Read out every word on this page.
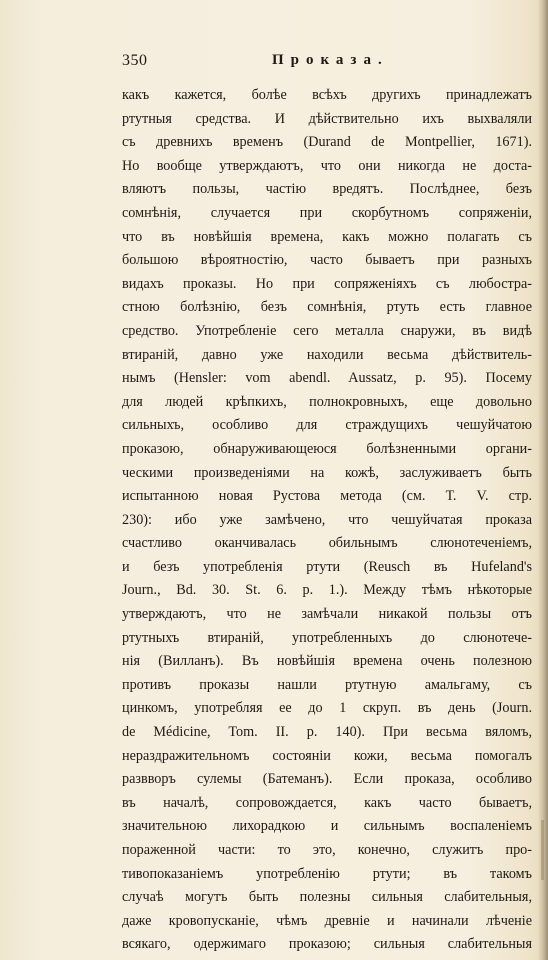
350	Проказа.
какъ кажется, болѣе всѣхъ другихъ принадлежатъ
ртутныя средства. И дѣйствительно ихъ выхваляли
съ древнихъ временъ (Durand de Montpellier, 1671).
Но вообще утверждаютъ, что они никогда не доста-
вляютъ пользы, частію вредятъ. Послѣднее, безъ
сомнѣнія, случается при скорбутномъ сопряженіи,
что въ новѣйшія времена, какъ можно полагать съ
большою вѣроятностію, часто бываетъ при разныхъ
видахъ проказы. Но при сопряженіяхъ съ любостра-
стною болѣзнію, безъ сомнѣнія, ртуть есть главное
средство. Употребленіе сего металла снаружи, въ видѣ
втираній, давно уже находили весьма дѣйствитель-
нымъ (Hensler: vom abendl. Aussatz, p. 95). Посему
для людей крѣпкихъ, полнокровныхъ, еще довольно
сильныхъ, особливо для страждущихъ чешуйчатою
проказою, обнаруживающеюся болѣзненными органи-
ческими произведеніями на кожѣ, заслуживаетъ быть
испытанною новая Рустова метода (см. Т. V. стр.
230): ибо уже замѣчено, что чешуйчатая проказа
счастливо оканчивалась обильнымъ слюнотеченіемъ,
и безъ употребленія ртути (Reusch въ Hufeland's
Journ., Bd. 30. St. 6. p. 1.). Между тѣмъ нѣкоторые
утверждаютъ, что не замѣчали никакой пользы отъ
ртутныхъ втираній, употребленныхъ до слюнотече-
нія (Вилланъ). Въ новѣйшія времена очень полезною
противъ проказы нашли ртутную амальгаму, съ
цинкомъ, употребляя ее до 1 скруп. въ день (Journ.
de Médicine, Tom. II. p. 140). При весьма вяломъ,
нераздражительномъ состояніи кожи, весьма помогалъ
развворъ сулемы (Батеманъ). Если проказа, особливо
въ началѣ, сопровождается, какъ часто бываетъ,
значительною лихорадкою и сильнымъ воспаленіемъ
пораженной части: то это, конечно, служитъ про-
тивопоказаніемъ употребленію ртути; въ такомъ
случаѣ могутъ быть полезны сильныя слабительныя,
даже кровопусканіе, чѣмъ древніе и начинали лѣченіе
всякаго, одержимаго проказою; сильныя слабительныя
